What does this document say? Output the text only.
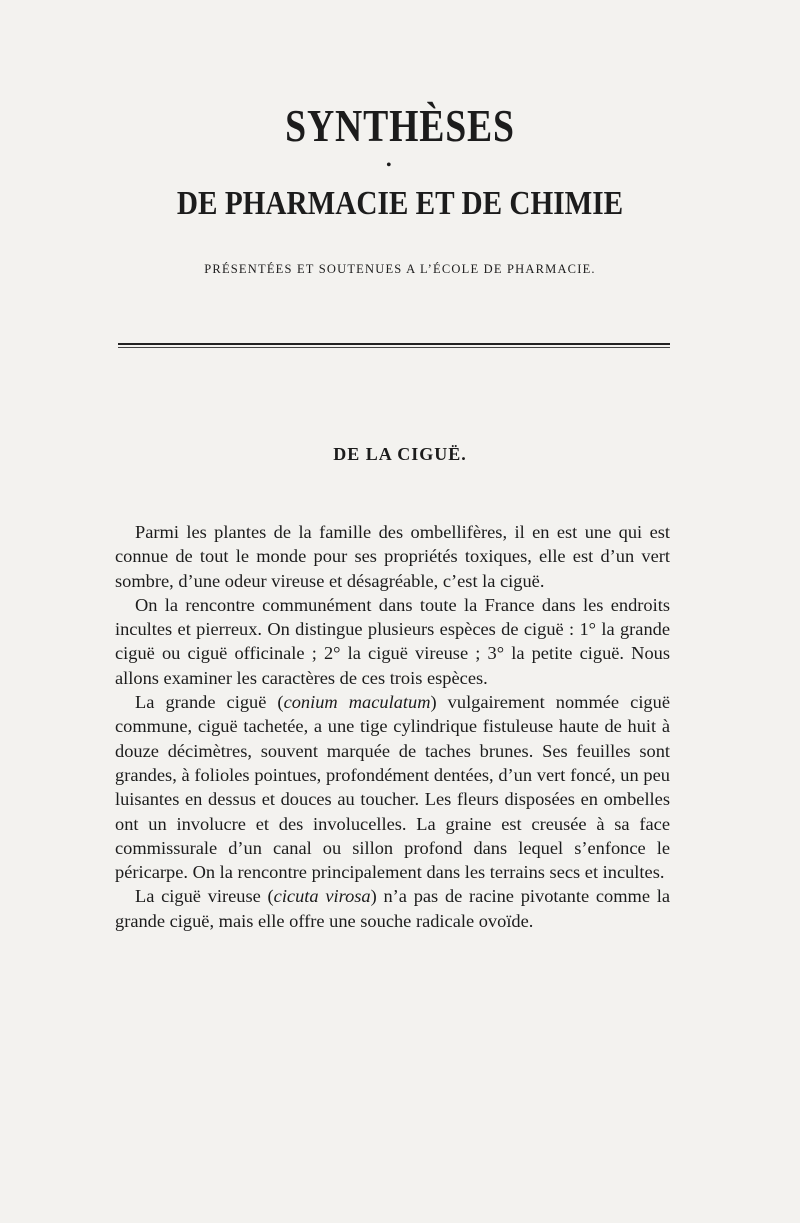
SYNTHÈSES
•
DE PHARMACIE ET DE CHIMIE

PRÉSENTÉES ET SOUTENUES A L’ÉCOLE DE PHARMACIE.

DE LA CIGUË.

Parmi les plantes de la famille des ombellifères, il en est une qui est connue de tout le monde pour ses propriétés toxiques, elle est d’un vert sombre, d’une odeur vireuse et désagréable, c’est la ciguë.

On la rencontre communément dans toute la France dans les endroits incultes et pierreux. On distingue plusieurs espèces de ciguë : 1° la grande ciguë ou ciguë officinale ; 2° la ciguë vireuse ; 3° la petite ciguë. Nous allons examiner les caractères de ces trois espèces.

La grande ciguë (conium maculatum) vulgairement nommée ciguë commune, ciguë tachetée, a une tige cylindrique fistuleuse haute de huit à douze décimètres, souvent marquée de taches brunes. Ses feuilles sont grandes, à folioles pointues, profondément dentées, d’un vert foncé, un peu luisantes en dessus et douces au toucher. Les fleurs disposées en ombelles ont un involucre et des involucelles. La graine est creusée à sa face commissurale d’un canal ou sillon profond dans lequel s’enfonce le péricarpe. On la rencontre principalement dans les terrains secs et incultes.

La ciguë vireuse (cicuta virosa) n’a pas de racine pivotante comme la grande ciguë, mais elle offre une souche radicale ovoïde.
